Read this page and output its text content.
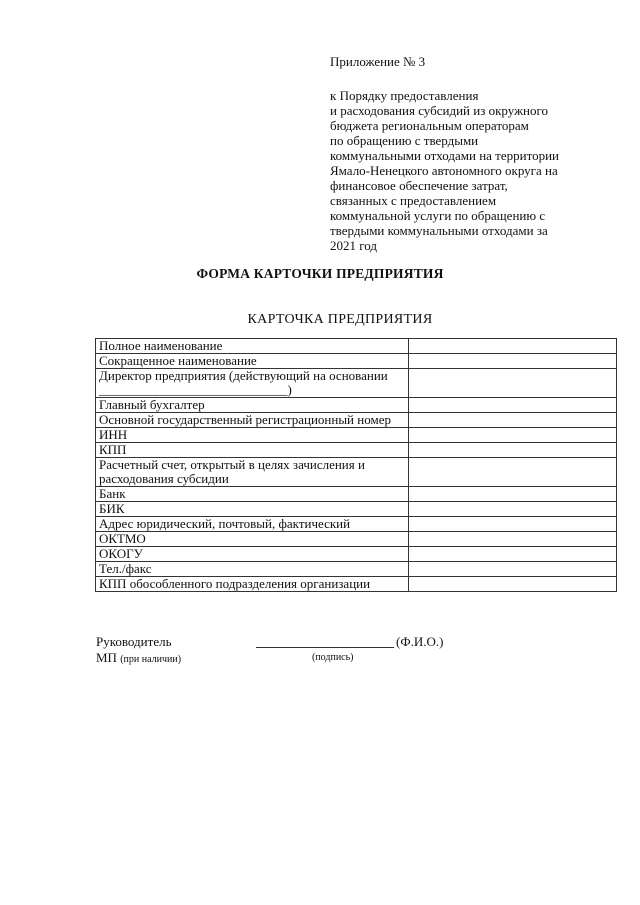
Приложение № 3
к Порядку предоставления
и расходования субсидий из окружного
бюджета региональным операторам
по обращению с твердыми
коммунальными отходами на территории
Ямало-Ненецкого автономного округа на
финансовое обеспечение затрат,
связанных с предоставлением
коммунальной услуги по обращению с
твердыми коммунальными отходами за
2021 год
ФОРМА КАРТОЧКИ ПРЕДПРИЯТИЯ
КАРТОЧКА ПРЕДПРИЯТИЯ
Полное наименование	
Сокращенное наименование	
Директор предприятия (действующий на основании _____________________________)	
Главный бухгалтер	
Основной государственный регистрационный номер	
ИНН	
КПП	
Расчетный счет, открытый в целях зачисления и расходования субсидии	
Банк	
БИК	
Адрес юридический, почтовый, фактический	
ОКТМО	
ОКОГУ	
Тел./факс	
КПП обособленного подразделения организации	
Руководитель	(Ф.И.О.)
МП (при наличии)	(подпись)
